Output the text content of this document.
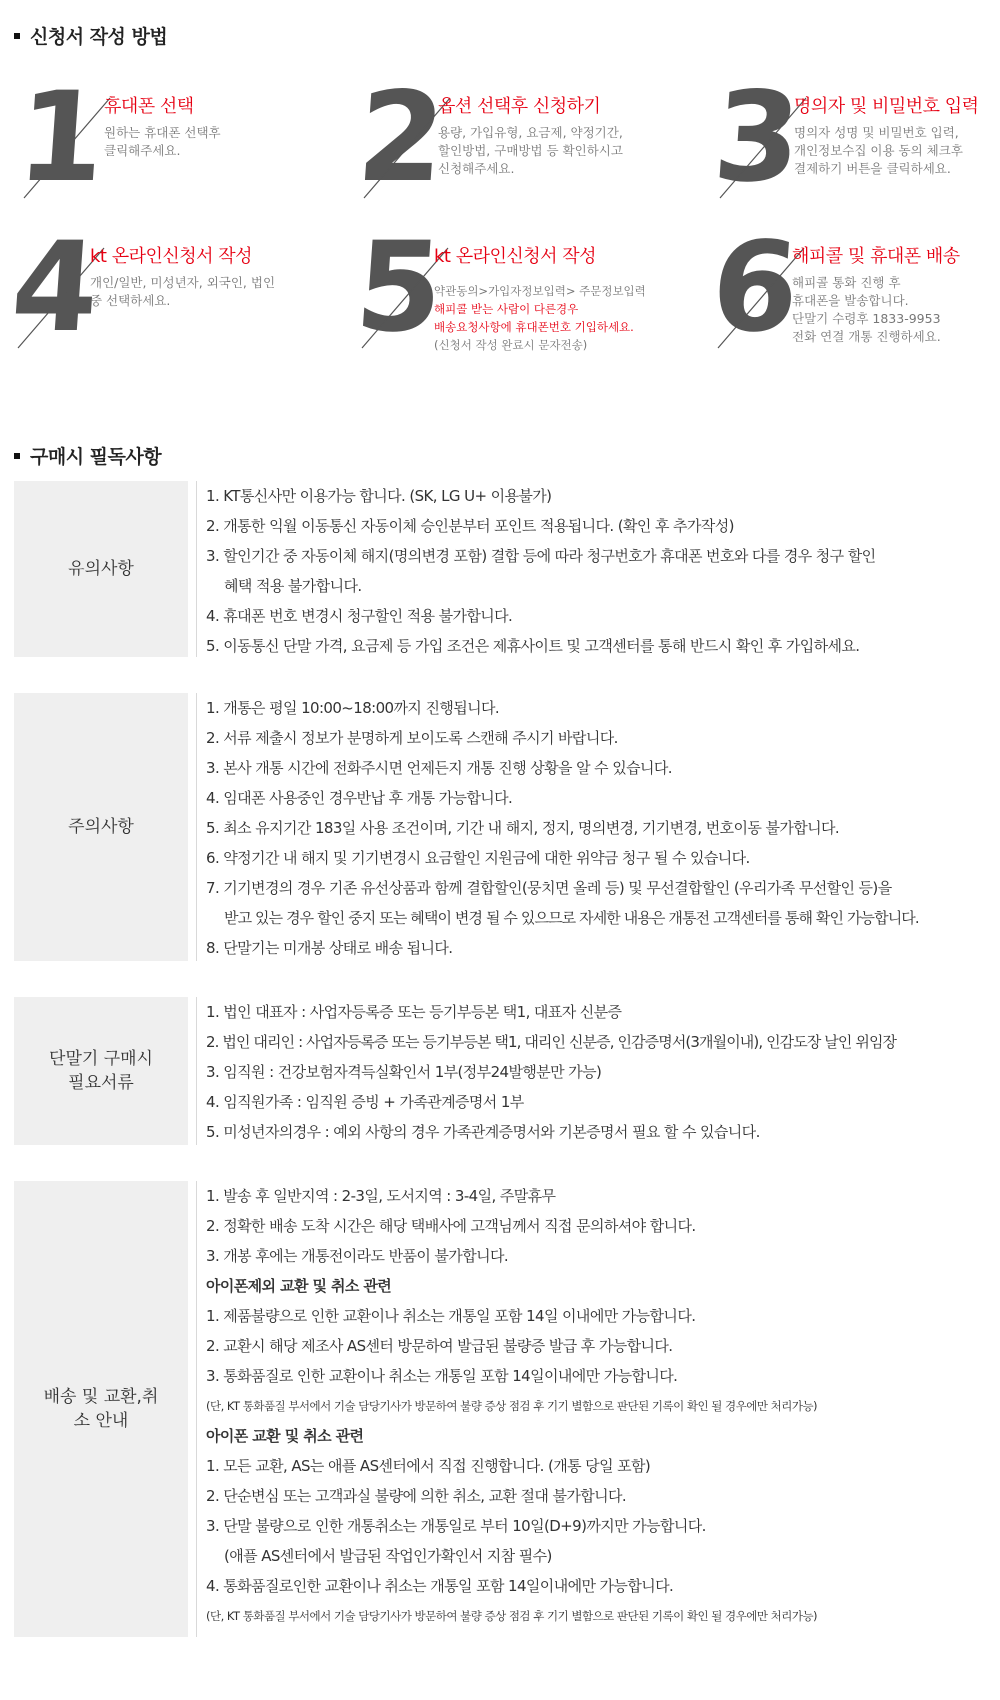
신청서 작성 방법
1 휴대폰 선택
원하는 휴대폰 선택후
클릭해주세요.	2
옵션 선택후 신청하기
용량, 가입유형, 요금제, 약정기간,
할인방법, 구매방법 등 확인하시고
신청해주세요.	3
명의자 및 비밀번호 입력
명의자 성명 및 비밀번호 입력,
개인정보수집 이용 동의 체크후
결제하기 버튼을 클릭하세요.
4
kt 온라인신청서 작성
개인/일반, 미성년자, 외국인, 법인
중 선택하세요.	5
kt 온라인신청서 작성
약관동의>가입자정보입력> 주문정보입력
해피콜 받는 사람이 다른경우
배송요청사항에 휴대폰번호 기입하세요.
(신청서 작성 완료시 문자전송) 6
해피콜 및 휴대폰 배송
해피콜 통화 진행 후
휴대폰을 발송합니다.
단말기 수령후 1833-9953
전화 연결 개통 진행하세요.
구매시 필독사항
유의사항
1. KT통신사만 이용가능 합니다. (SK, LG U+ 이용불가)
2. 개통한 익월 이동통신 자동이체 승인분부터 포인트 적용됩니다. (확인 후 추가작성)
3. 할인기간 중 자동이체 해지(명의변경 포함) 결합 등에 따라 청구번호가 휴대폰 번호와 다를 경우 청구 할인
혜택 적용 불가합니다.
4. 휴대폰 번호 변경시 청구할인 적용 불가합니다.
5. 이동통신 단말 가격, 요금제 등 가입 조건은 제휴사이트 및 고객센터를 통해 반드시 확인 후 가입하세요.
주의사항
1. 개통은 평일 10:00~18:00까지 진행됩니다.
2. 서류 제출시 정보가 분명하게 보이도록 스캔해 주시기 바랍니다.
3. 본사 개통 시간에 전화주시면 언제든지 개통 진행 상황을 알 수 있습니다.
4. 임대폰 사용중인 경우반납 후 개통 가능합니다.
5. 최소 유지기간 183일 사용 조건이며, 기간 내 해지, 정지, 명의변경, 기기변경, 번호이동 불가합니다.
6. 약정기간 내 해지 및 기기변경시 요금할인 지원금에 대한 위약금 청구 될 수 있습니다.
7. 기기변경의 경우 기존 유선상품과 함께 결합할인(뭉치면 올레 등) 및 무선결합할인 (우리가족 무선할인 등)을
받고 있는 경우 할인 중지 또는 혜택이 변경 될 수 있으므로 자세한 내용은 개통전 고객센터를 통해 확인 가능합니다.
8. 단말기는 미개봉 상태로 배송 됩니다.
단말기 구매시 필요서류
1. 법인 대표자 : 사업자등록증 또는 등기부등본 택1, 대표자 신분증
2. 법인 대리인 : 사업자등록증 또는 등기부등본 택1, 대리인 신분증, 인감증명서(3개월이내), 인감도장 날인 위임장
3. 임직원 : 건강보험자격득실확인서 1부(정부24발행분만 가능)
4. 임직원가족 : 임직원 증빙 + 가족관계증명서 1부
5. 미성년자의경우 : 예외 사항의 경우 가족관계증명서와 기본증명서 필요 할 수 있습니다.
배송 및 교환,취소 안내
1. 발송 후 일반지역 : 2-3일, 도서지역 : 3-4일, 주말휴무
2. 정확한 배송 도착 시간은 해당 택배사에 고객님께서 직접 문의하셔야 합니다.
3. 개봉 후에는 개통전이라도 반품이 불가합니다.
아이폰제외 교환 및 취소 관련
1. 제품불량으로 인한 교환이나 취소는 개통일 포함 14일 이내에만 가능합니다.
2. 교환시 해당 제조사 AS센터 방문하여 발급된 불량증 발급 후 가능합니다.
3. 통화품질로 인한 교환이나 취소는 개통일 포함 14일이내에만 가능합니다.
(단, KT 통화품질 부서에서 기술 담당기사가 방문하여 불량 증상 점검 후 기기 별함으로 판단된 기록이 확인 될 경우에만 처리가능)
아이폰 교환 및 취소 관련
1. 모든 교환, AS는 애플 AS센터에서 직접 진행합니다. (개통 당일 포함)
2. 단순변심 또는 고객과실 불량에 의한 취소, 교환 절대 불가합니다.
3. 단말 불량으로 인한 개통취소는 개통일로 부터 10일(D+9)까지만 가능합니다.
(애플 AS센터에서 발급된 작업인가확인서 지참 필수)
4. 통화품질로인한 교환이나 취소는 개통일 포함 14일이내에만 가능합니다.
(단, KT 통화품질 부서에서 기술 담당기사가 방문하여 불량 증상 점검 후 기기 별함으로 판단된 기록이 확인 될 경우에만 처리가능)
